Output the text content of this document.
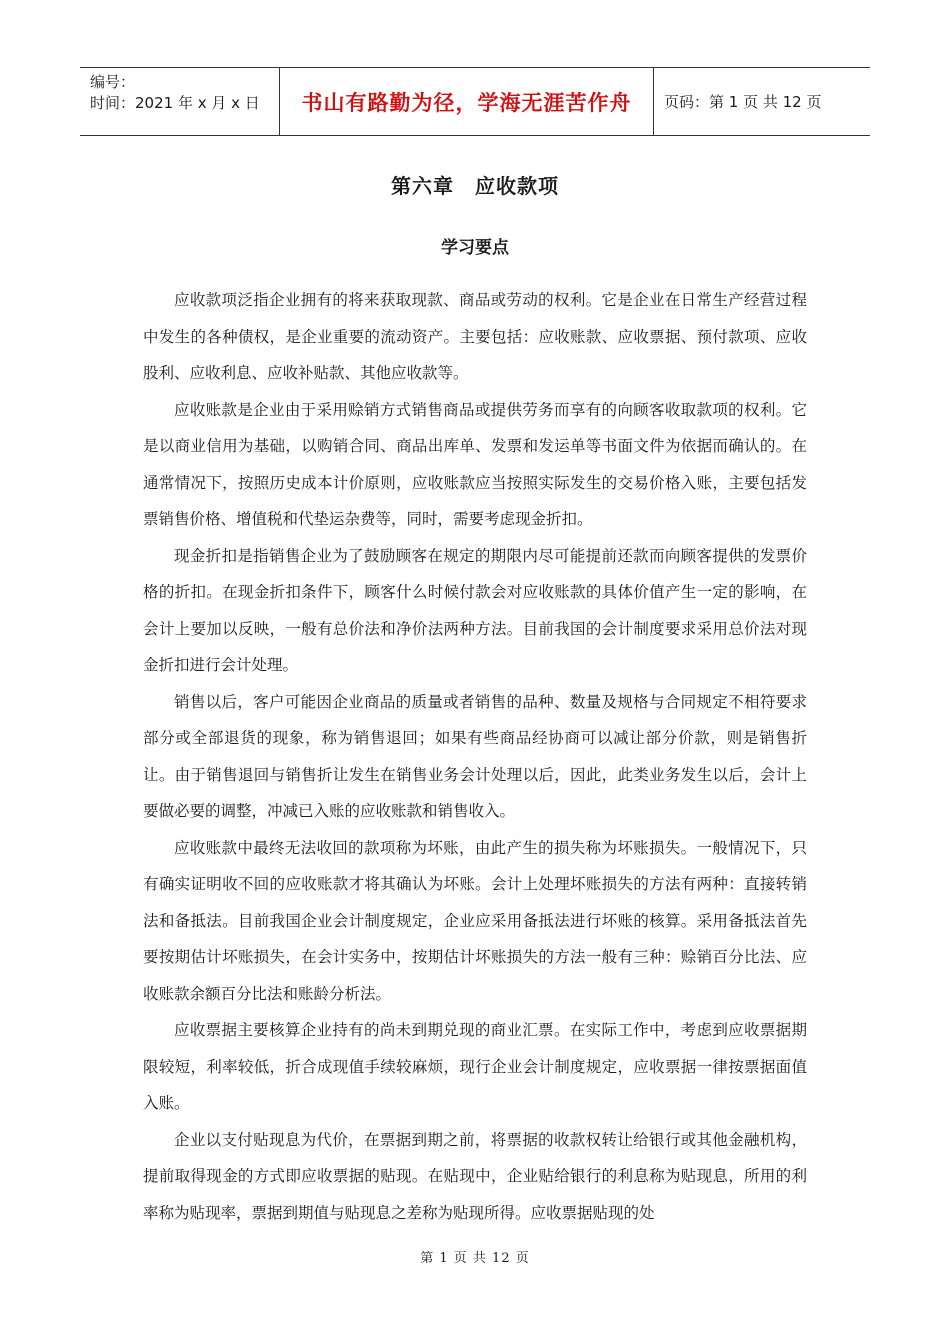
编号：
时间：2021 年 x 月 x 日	书山有路勤为径，学海无涯苦作舟	页码：第 1 页 共 12 页
第六章　应收款项
学习要点

应收款项泛指企业拥有的将来获取现款、商品或劳动的权利。它是企业在日常生产经营过程中发生的各种债权，是企业重要的流动资产。主要包括：应收账款、应收票据、预付款项、应收股利、应收利息、应收补贴款、其他应收款等。

应收账款是企业由于采用赊销方式销售商品或提供劳务而享有的向顾客收取款项的权利。它是以商业信用为基础，以购销合同、商品出库单、发票和发运单等书面文件为依据而确认的。在通常情况下，按照历史成本计价原则，应收账款应当按照实际发生的交易价格入账，主要包括发票销售价格、增值税和代垫运杂费等，同时，需要考虑现金折扣。

现金折扣是指销售企业为了鼓励顾客在规定的期限内尽可能提前还款而向顾客提供的发票价格的折扣。在现金折扣条件下，顾客什么时候付款会对应收账款的具体价值产生一定的影响，在会计上要加以反映，一般有总价法和净价法两种方法。目前我国的会计制度要求采用总价法对现金折扣进行会计处理。

销售以后，客户可能因企业商品的质量或者销售的品种、数量及规格与合同规定不相符要求部分或全部退货的现象，称为销售退回；如果有些商品经协商可以减让部分价款，则是销售折让。由于销售退回与销售折让发生在销售业务会计处理以后，因此，此类业务发生以后，会计上要做必要的调整，冲减已入账的应收账款和销售收入。

应收账款中最终无法收回的款项称为坏账，由此产生的损失称为坏账损失。一般情况下，只有确实证明收不回的应收账款才将其确认为坏账。会计上处理坏账损失的方法有两种：直接转销法和备抵法。目前我国企业会计制度规定，企业应采用备抵法进行坏账的核算。采用备抵法首先要按期估计坏账损失，在会计实务中，按期估计坏账损失的方法一般有三种：赊销百分比法、应收账款余额百分比法和账龄分析法。

应收票据主要核算企业持有的尚未到期兑现的商业汇票。在实际工作中，考虑到应收票据期限较短，利率较低，折合成现值手续较麻烦，现行企业会计制度规定，应收票据一律按票据面值入账。

企业以支付贴现息为代价，在票据到期之前，将票据的收款权转让给银行或其他金融机构，提前取得现金的方式即应收票据的贴现。在贴现中，企业贴给银行的利息称为贴现息，所用的利率称为贴现率，票据到期值与贴现息之差称为贴现所得。应收票据贴现的处

第 1 页 共 12 页
